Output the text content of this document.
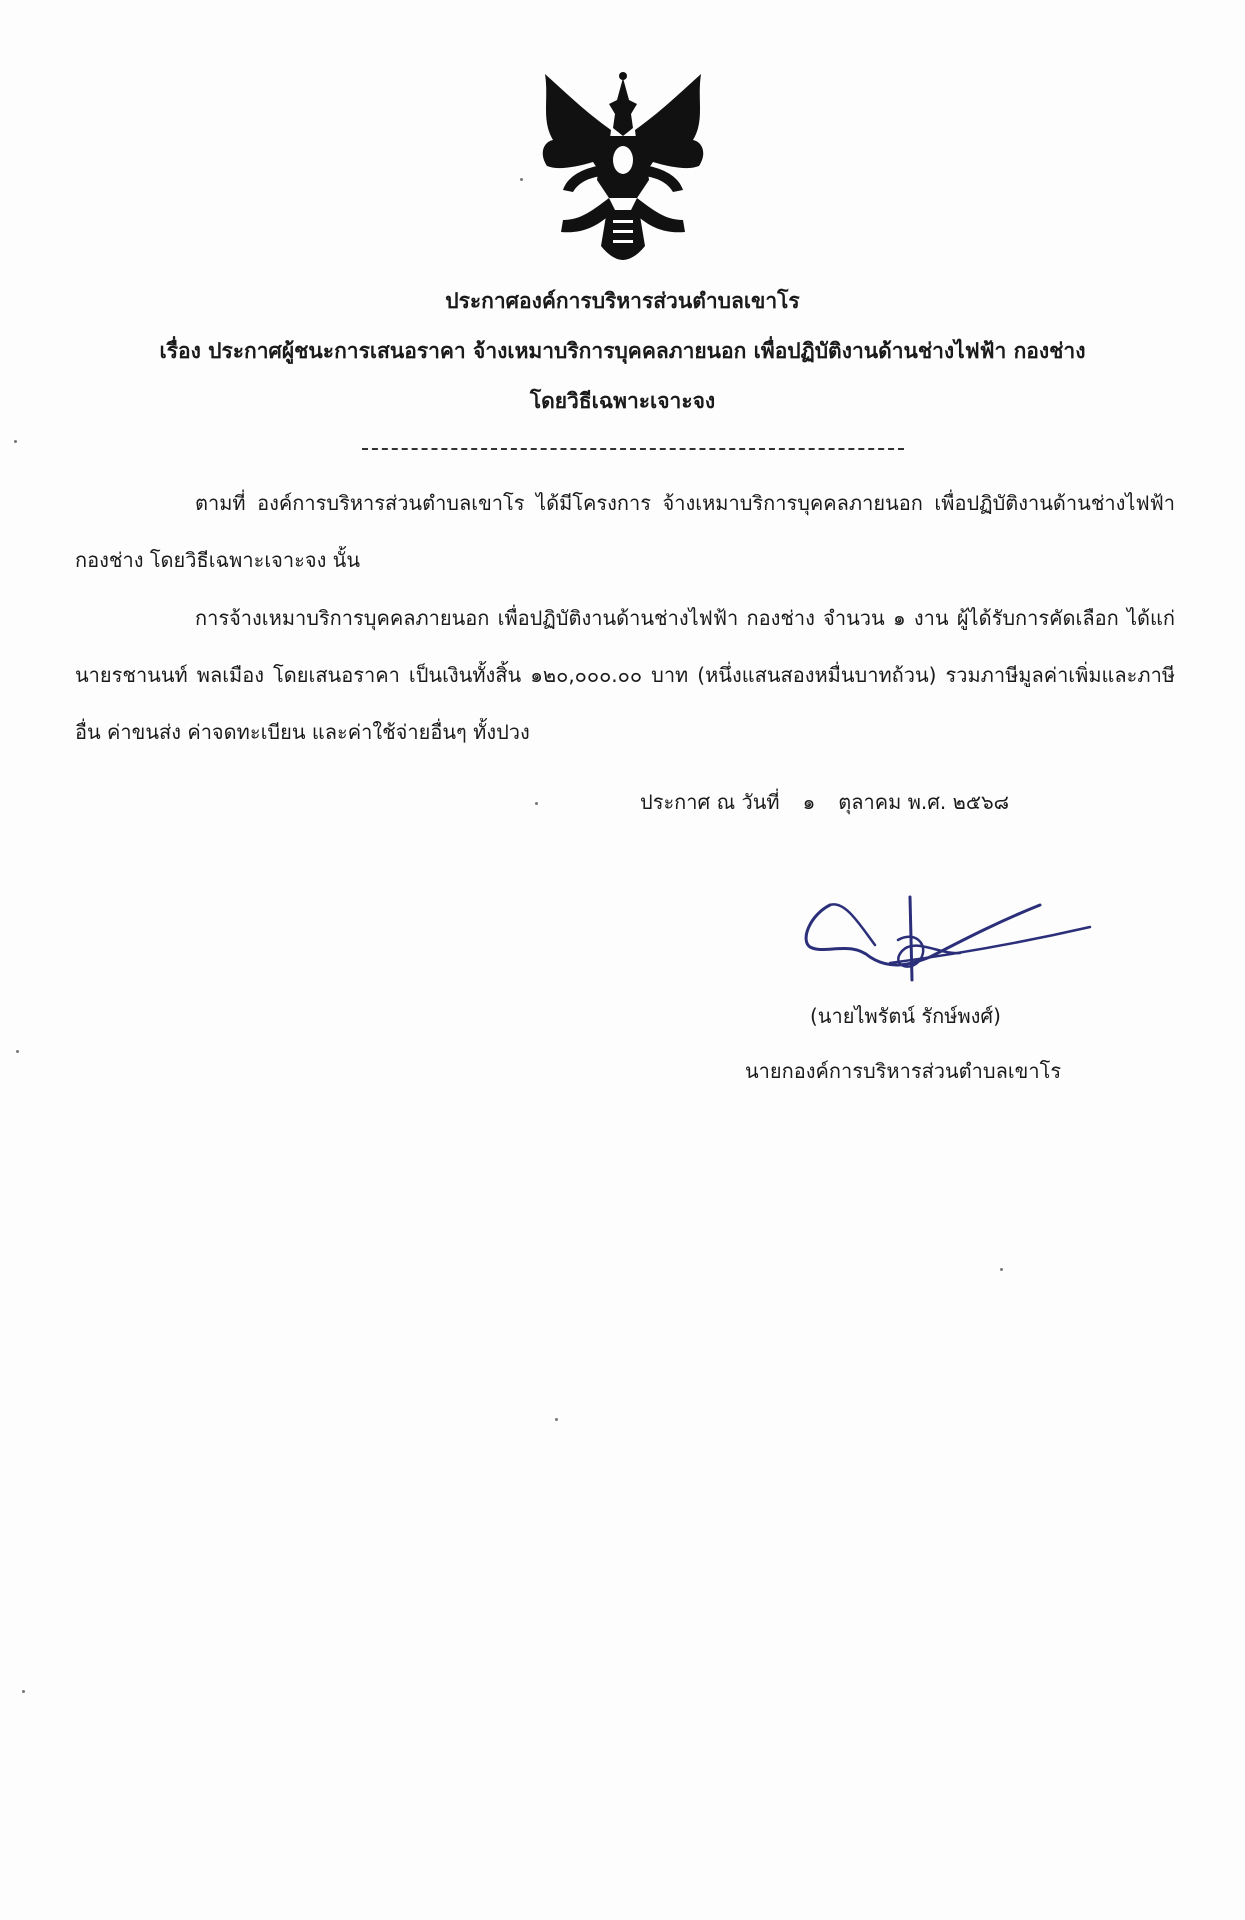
ประกาศองค์การบริหารส่วนตำบลเขาโร
เรื่อง ประกาศผู้ชนะการเสนอราคา จ้างเหมาบริการบุคคลภายนอก เพื่อปฏิบัติงานด้านช่างไฟฟ้า กองช่าง
โดยวิธีเฉพาะเจาะจง
ตามที่ องค์การบริหารส่วนตำบลเขาโร ได้มีโครงการ จ้างเหมาบริการบุคคลภายนอก เพื่อปฏิบัติงานด้านช่างไฟฟ้า กองช่าง โดยวิธีเฉพาะเจาะจง นั้น
การจ้างเหมาบริการบุคคลภายนอก เพื่อปฏิบัติงานด้านช่างไฟฟ้า กองช่าง จำนวน ๑ งาน ผู้ได้รับการคัดเลือก ได้แก่ นายรชานนท์ พลเมือง โดยเสนอราคา เป็นเงินทั้งสิ้น ๑๒๐,๐๐๐.๐๐ บาท (หนึ่งแสนสองหมื่นบาทถ้วน) รวมภาษีมูลค่าเพิ่มและภาษีอื่น ค่าขนส่ง ค่าจดทะเบียน และค่าใช้จ่ายอื่นๆ ทั้งปวง
ประกาศ ณ วันที่ ๑ ตุลาคม พ.ศ. ๒๕๖๘
(นายไพรัตน์ รักษ์พงศ์)
นายกองค์การบริหารส่วนตำบลเขาโร
